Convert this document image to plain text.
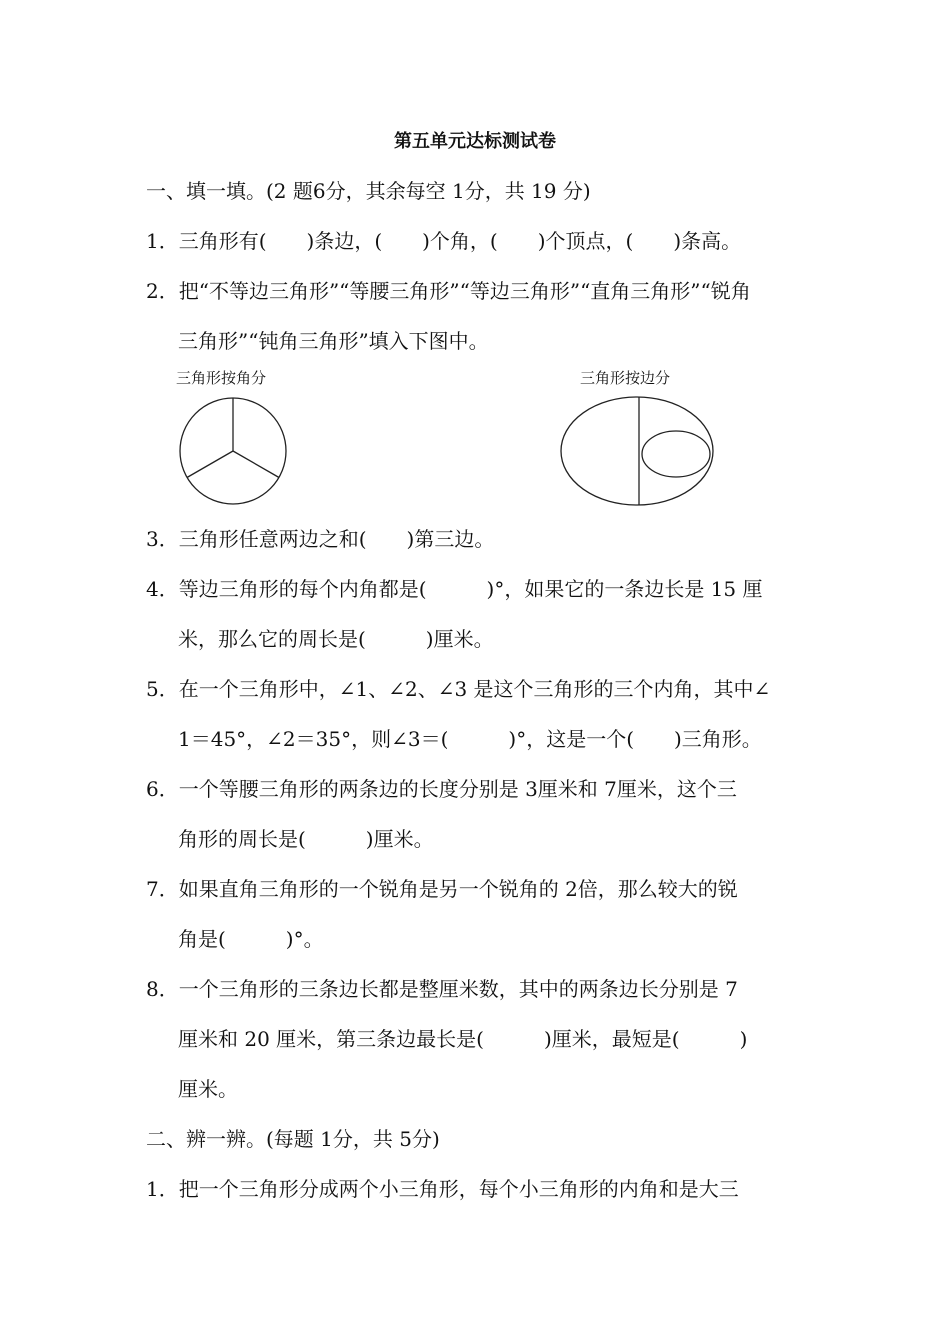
第五单元达标测试卷
一、填一填。(2 题6分，其余每空 1分，共 19 分)
1．三角形有(　　)条边，(　　)个角，(　　)个顶点，(　　)条高。
2．把“不等边三角形”“等腰三角形”“等边三角形”“直角三角形”“锐角
三角形”“钝角三角形”填入下图中。
三角形按角分	三角形按边分
3．三角形任意两边之和(　　)第三边。
4．等边三角形的每个内角都是(　　　)°，如果它的一条边长是 15 厘
米，那么它的周长是(　　　)厘米。
5．在一个三角形中，∠1、∠2、∠3 是这个三角形的三个内角，其中∠
1＝45°，∠2＝35°，则∠3＝(　　　)°，这是一个(　　)三角形。
6．一个等腰三角形的两条边的长度分别是 3厘米和 7厘米，这个三
角形的周长是(　　　)厘米。
7．如果直角三角形的一个锐角是另一个锐角的 2倍，那么较大的锐
角是(　　　)°。
8．一个三角形的三条边长都是整厘米数，其中的两条边长分别是 7
厘米和 20 厘米，第三条边最长是(　　　)厘米，最短是(　　　)
厘米。
二、辨一辨。(每题 1分，共 5分)
1．把一个三角形分成两个小三角形，每个小三角形的内角和是大三
